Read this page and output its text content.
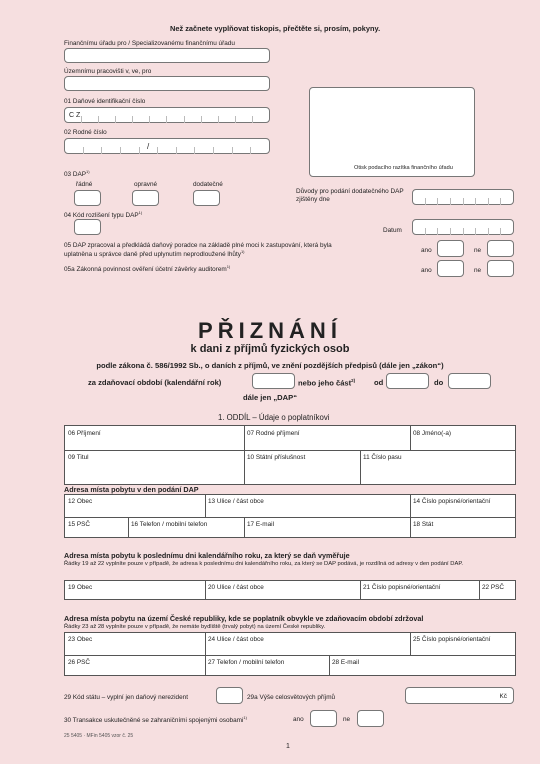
Než začnete vyplňovat tiskopis, přečtěte si, prosím, pokyny.
Finančnímu úřadu pro / Specializovanému finančnímu úřadu
Územnímu pracovišti v, ve, pro
01 Daňové identifikační číslo
C Z
02 Rodné číslo
/
Otisk podacího razítka finančního úřadu
03 DAP$^{1)}$
řádné	opravné	dodatečné
Důvody pro podání dodatečného DAP zjištěny dne
04 Kód rozlišení typu DAP$^{1)}$
Datum
05 DAP zpracoval a předkládá daňový poradce na základě plné moci k zastupování, která byla uplatněna u správce daně před uplynutím neprodloužené lhůty$^{1)}$	ano	ne
05a Zákonná povinnost ověření účetní závěrky auditorem$^{1)}$
ano	ne
PŘIZNÁNÍ
k dani z příjmů fyzických osob
podle zákona č. 586/1992 Sb., o daních z příjmů, ve znění pozdějších předpisů (dále jen „zákon“)
za zdaňovací období (kalendářní rok)	nebo jeho část$^{2)}$ od	do
dále jen „DAP“
1. ODDÍL – Údaje o poplatníkovi
06 Příjmení	07 Rodné příjmení	08 Jméno(-a)
09 Titul	10 Státní příslušnost	11 Číslo pasu
Adresa místa pobytu v den podání DAP
12 Obec	13 Ulice / část obce	14 Číslo popisné/orientační
15 PSČ	16 Telefon / mobilní telefon	17 E-mail	18 Stát
Adresa místa pobytu k poslednímu dni kalendářního roku, za který se daň vyměřuje
Řádky 19 až 22 vyplníte pouze v případě, že adresa k poslednímu dni kalendářního roku, za který se DAP podává, je rozdílná od adresy v den podání DAP.
19 Obec	20 Ulice / část obce	21 Číslo popisné/orientační	22 PSČ
Adresa místa pobytu na území České republiky, kde se poplatník obvykle ve zdaňovacím období zdržoval
Řádky 23 až 28 vyplníte pouze v případě, že nemáte bydliště (trvalý pobyt) na území České republiky.
23 Obec	24 Ulice / část obce	25 Číslo popisné/orientační
26 PSČ	27 Telefon / mobilní telefon	28 E-mail
29 Kód státu – vyplní jen daňový nerezident	29a Výše celosvětových příjmů	Kč
30 Transakce uskutečněné se zahraničními spojenými osobami$^{1)}$	ano	ne
25 5405 · MFin 5405 vzor č. 25
1
